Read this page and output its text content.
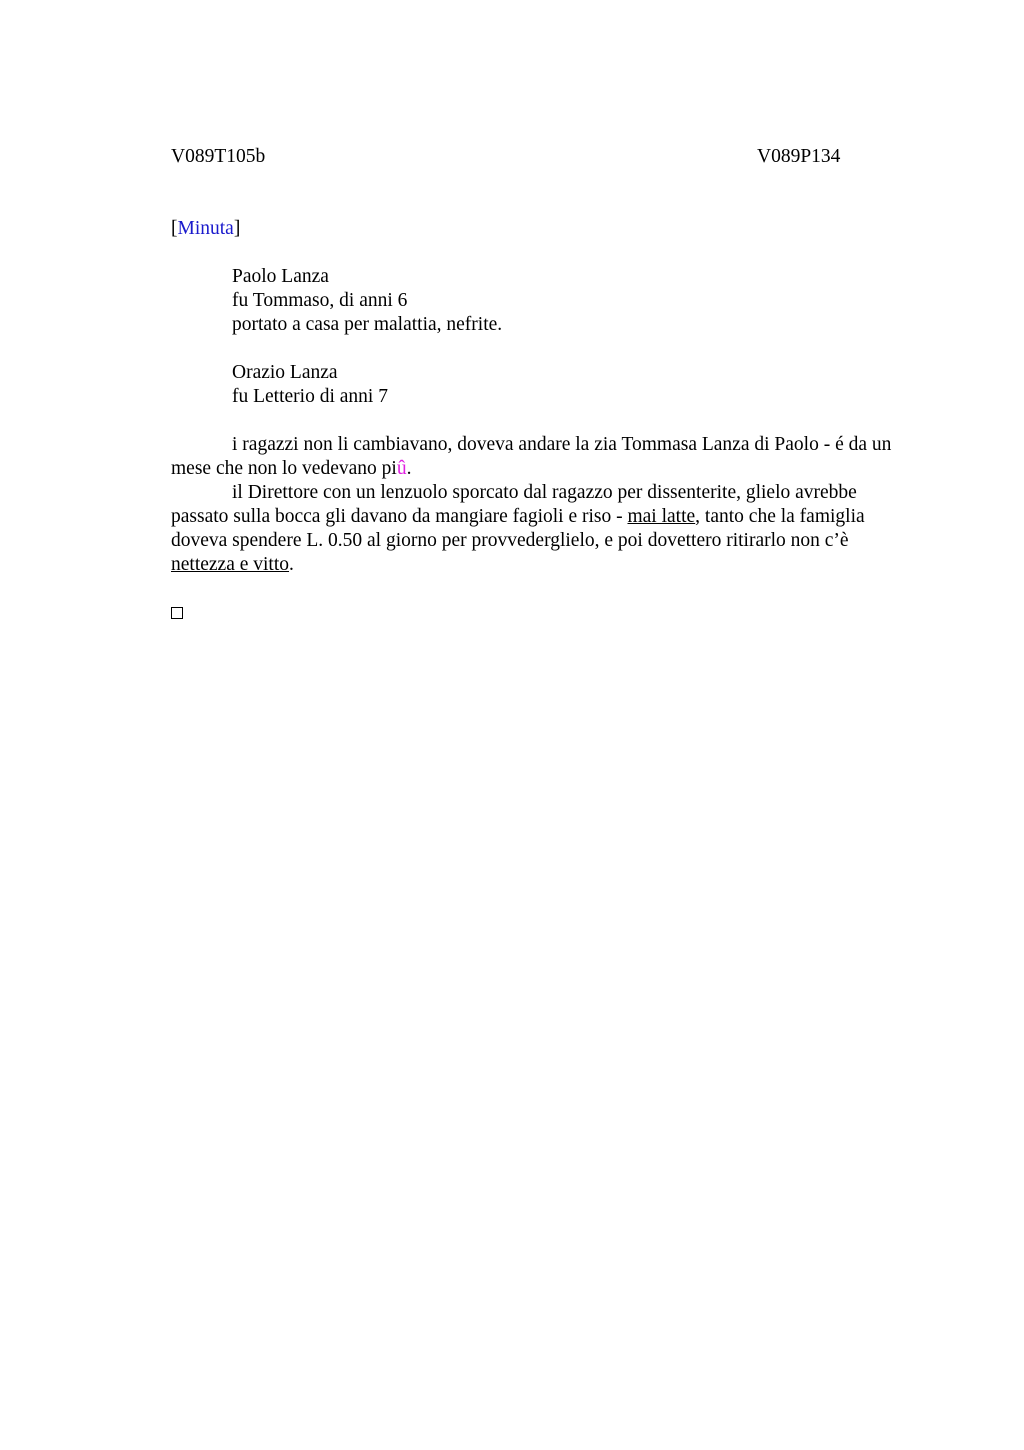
V089T105b	V089P134
[Minuta]
Paolo Lanza
fu Tommaso, di anni 6
portato a casa per malattia, nefrite.
Orazio Lanza
fu Letterio di anni 7

i ragazzi non li cambiavano, doveva andare la zia Tommasa Lanza di Paolo - é da un mese che non lo vedevano piû.

il Direttore con un lenzuolo sporcato dal ragazzo per dissenterite, glielo avrebbe passato sulla bocca gli davano da mangiare fagioli e riso - mai latte, tanto che la famiglia doveva spendere L. 0.50 al giorno per provvederglielo, e poi dovettero ritirarlo non c’è nettezza e vitto.
